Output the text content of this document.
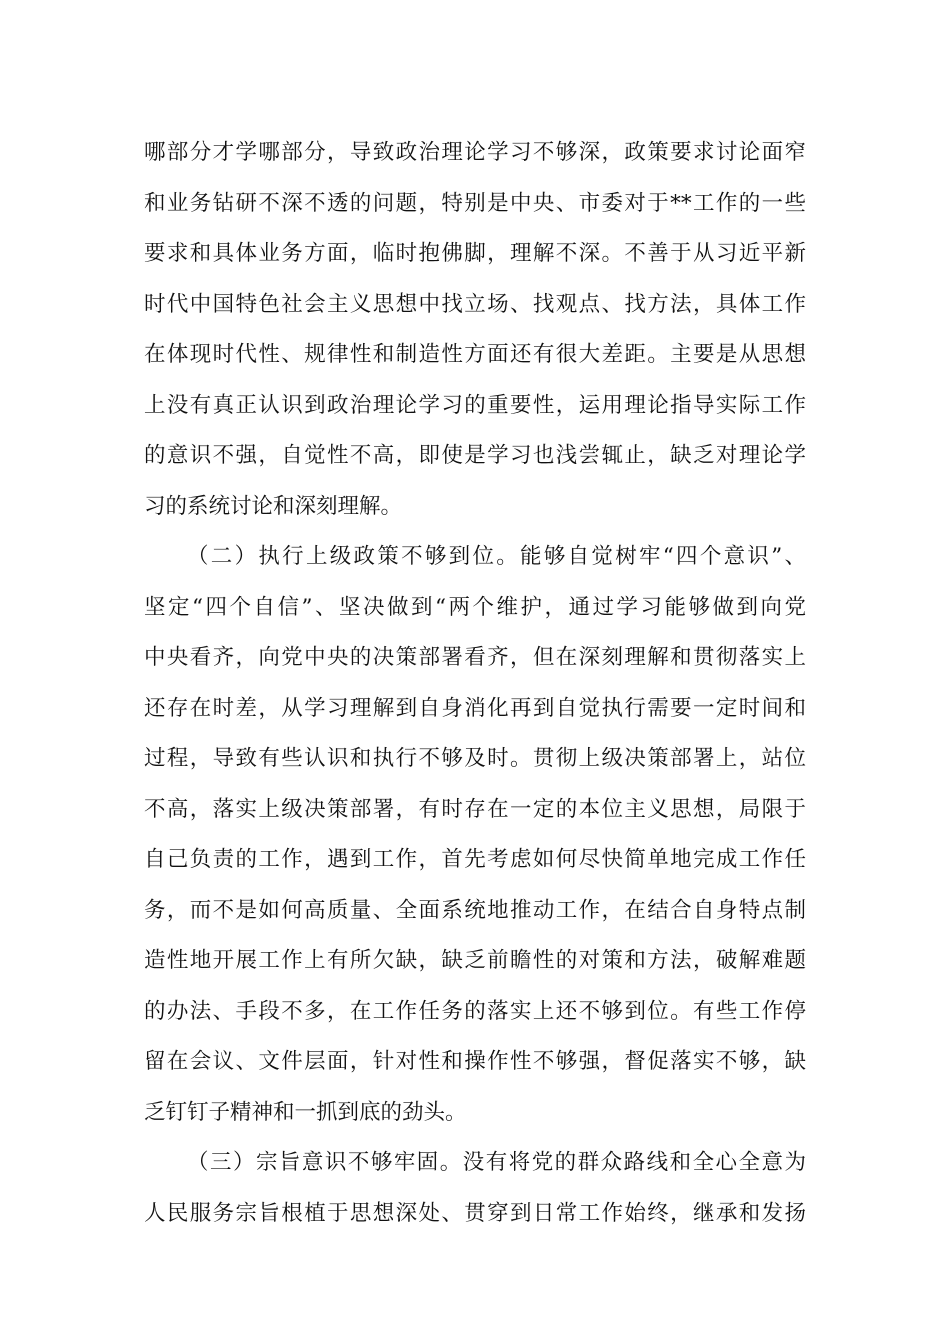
哪部分才学哪部分，导致政治理论学习不够深，政策要求讨论面窄
和业务钻研不深不透的问题，特别是中央、市委对于**工作的一些
要求和具体业务方面，临时抱佛脚，理解不深。不善于从习近平新
时代中国特色社会主义思想中找立场、找观点、找方法，具体工作
在体现时代性、规律性和制造性方面还有很大差距。主要是从思想
上没有真正认识到政治理论学习的重要性，运用理论指导实际工作
的意识不强，自觉性不高，即使是学习也浅尝辄止，缺乏对理论学
习的系统讨论和深刻理解。
（二）执行上级政策不够到位。能够自觉树牢“四个意识”、
坚定“四个自信”、坚决做到“两个维护，通过学习能够做到向党
中央看齐，向党中央的决策部署看齐，但在深刻理解和贯彻落实上
还存在时差，从学习理解到自身消化再到自觉执行需要一定时间和
过程，导致有些认识和执行不够及时。贯彻上级决策部署上，站位
不高，落实上级决策部署，有时存在一定的本位主义思想，局限于
自己负责的工作，遇到工作，首先考虑如何尽快简单地完成工作任
务，而不是如何高质量、全面系统地推动工作，在结合自身特点制
造性地开展工作上有所欠缺，缺乏前瞻性的对策和方法，破解难题
的办法、手段不多，在工作任务的落实上还不够到位。有些工作停
留在会议、文件层面，针对性和操作性不够强，督促落实不够，缺
乏钉钉子精神和一抓到底的劲头。
（三）宗旨意识不够牢固。没有将党的群众路线和全心全意为
人民服务宗旨根植于思想深处、贯穿到日常工作始终，继承和发扬
